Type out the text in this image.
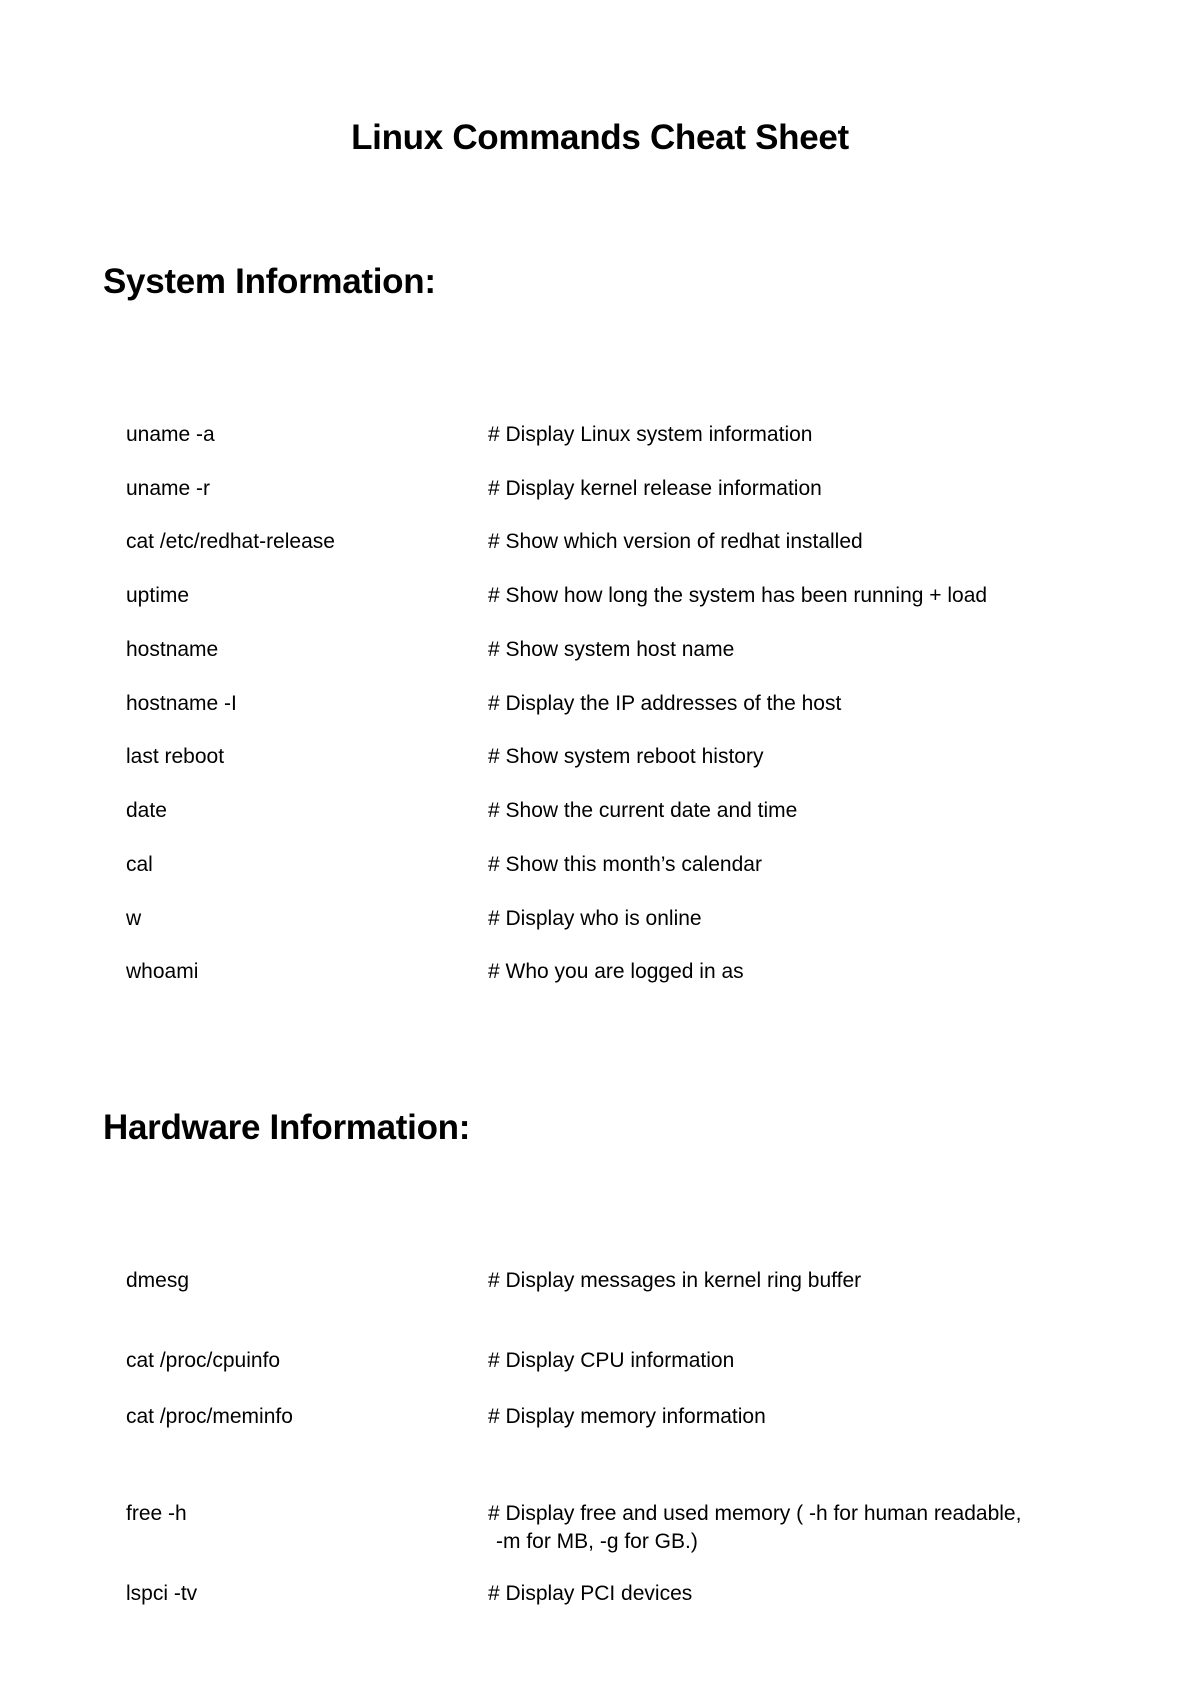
Linux Commands Cheat Sheet
System Information:
uname -a	# Display Linux system information
uname -r	# Display kernel release information
cat /etc/redhat-release	# Show which version of redhat installed
uptime	# Show how long the system has been running + load
hostname	# Show system host name
hostname -I	# Display the IP addresses of the host
last reboot	# Show system reboot history
date	# Show the current date and time
cal	# Show this month’s calendar
w	# Display who is online
whoami	# Who you are logged in as
Hardware Information:
dmesg	# Display messages in kernel ring buffer
cat /proc/cpuinfo	# Display CPU information
cat /proc/meminfo	# Display memory information
free -h	# Display free and used memory ( -h for human readable,
-m for MB, -g for GB.)
lspci -tv	# Display PCI devices
